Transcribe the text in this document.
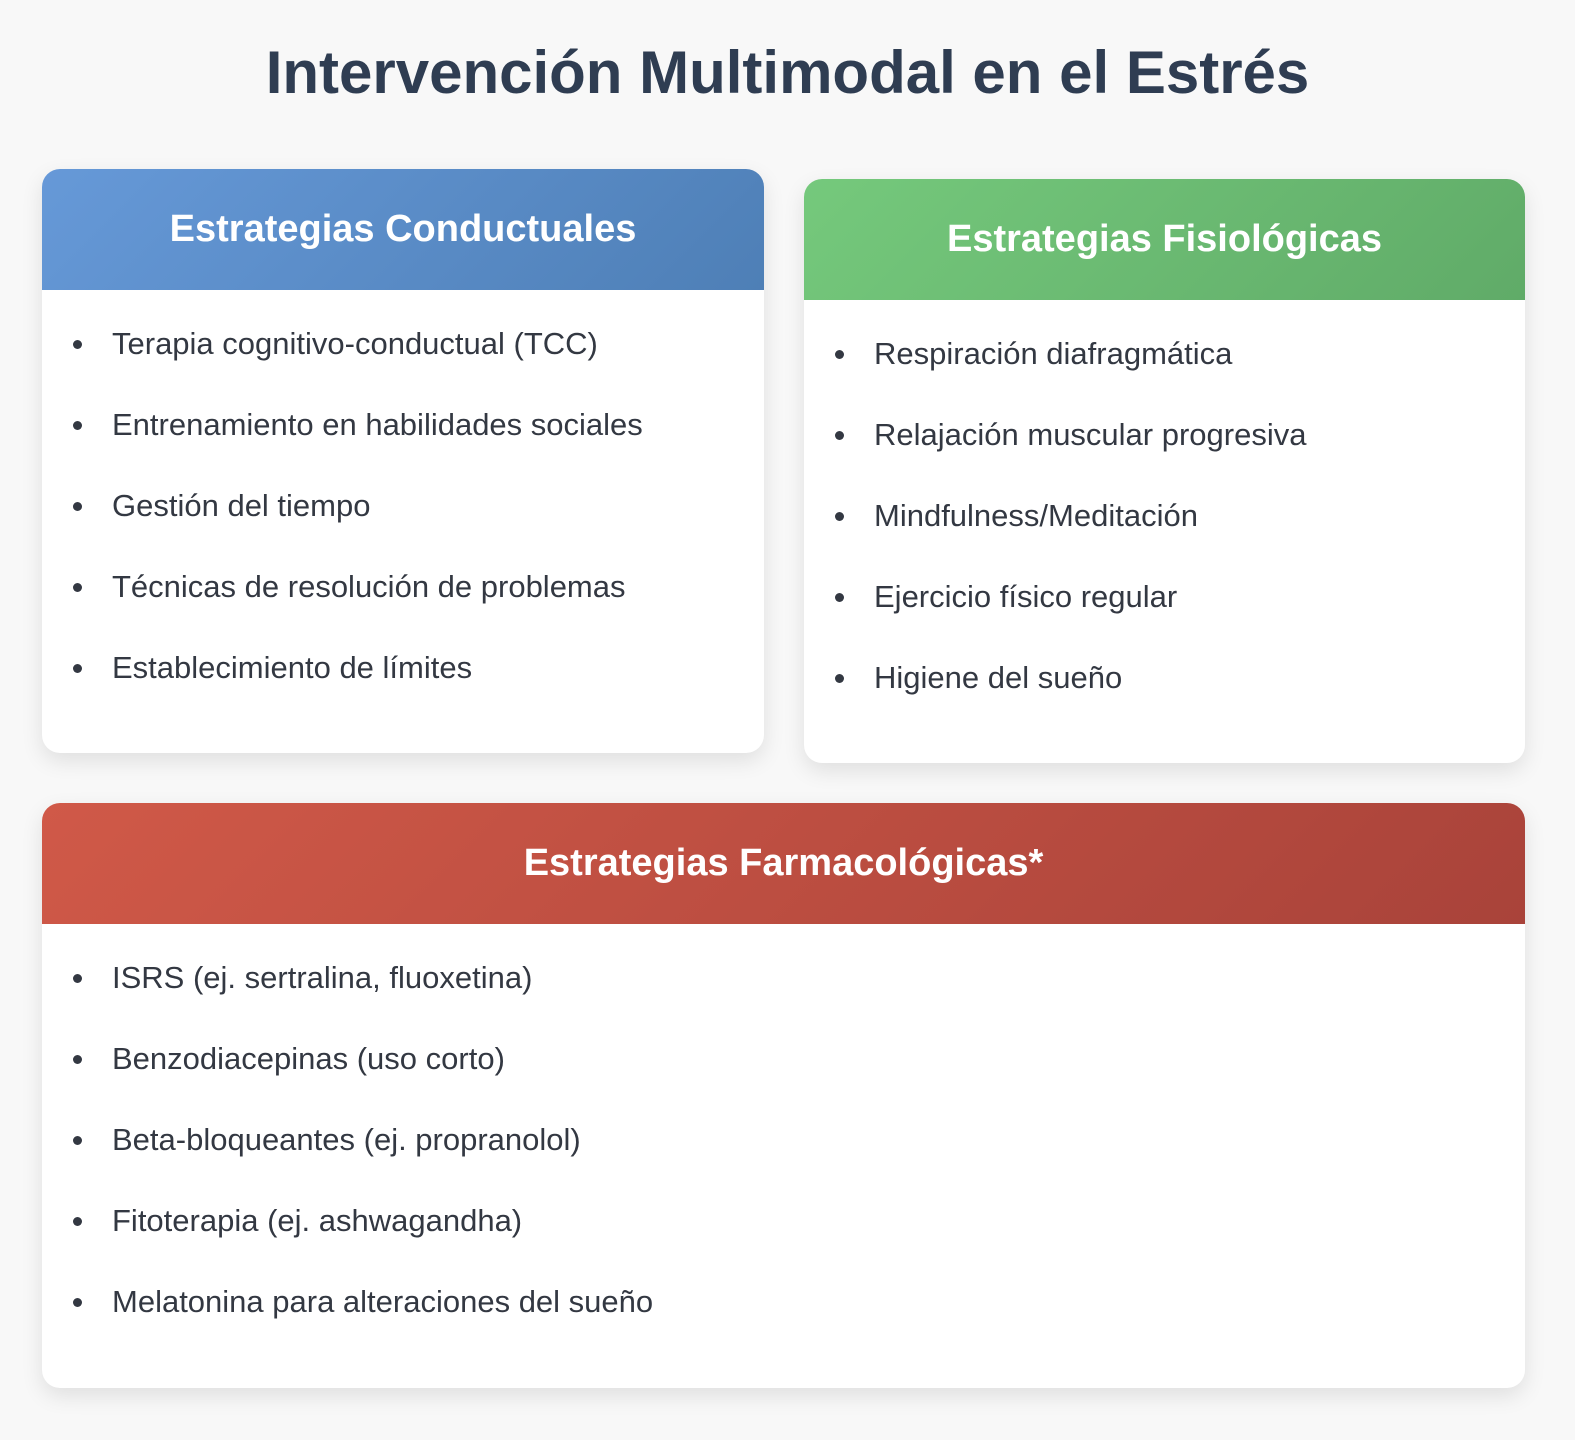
Intervención Multimodal en el Estrés
Estrategias Conductuales
Terapia cognitivo-conductual (TCC)
Entrenamiento en habilidades sociales
Gestión del tiempo
Técnicas de resolución de problemas
Establecimiento de límites
Estrategias Fisiológicas
Respiración diafragmática
Relajación muscular progresiva
Mindfulness/Meditación
Ejercicio físico regular
Higiene del sueño
Estrategias Farmacológicas*
ISRS (ej. sertralina, fluoxetina)
Benzodiacepinas (uso corto)
Beta-bloqueantes (ej. propranolol)
Fitoterapia (ej. ashwagandha)
Melatonina para alteraciones del sueño
